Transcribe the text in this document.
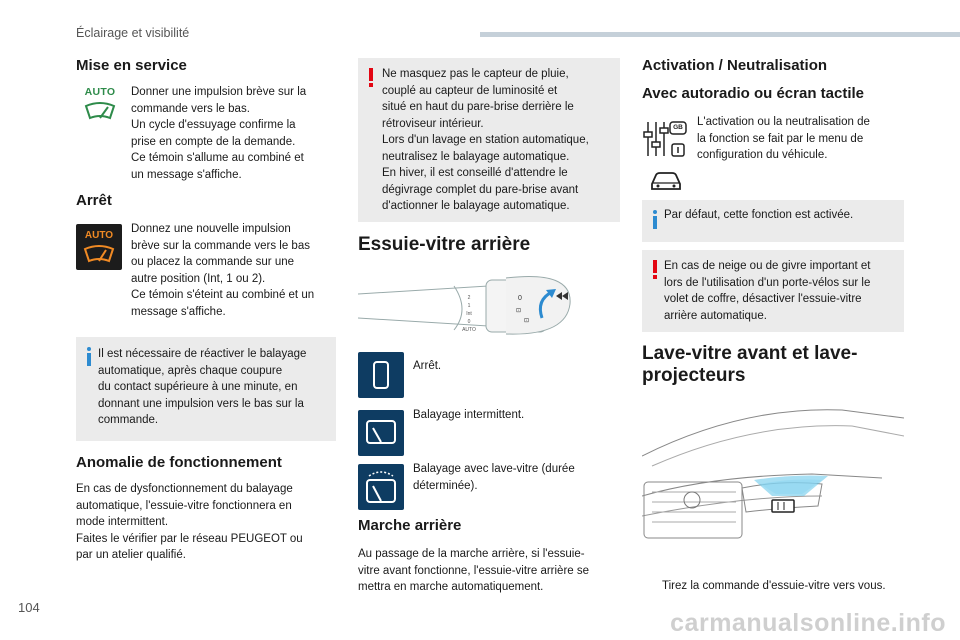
Éclairage et visibilité
Mise en service
AUTO	Donner une impulsion brève sur la
commande vers le bas.
Un cycle d'essuyage confirme la
prise en compte de la demande.
Ce témoin s'allume au combiné et
un message s'affiche.
Arrêt
AUTO
Donnez une nouvelle impulsion
brève sur la commande vers le bas
ou placez la commande sur une
autre position (Int, 1 ou 2).
Ce témoin s'éteint au combiné et un
message s'affiche.
Il est nécessaire de réactiver le balayage
automatique, après chaque coupure
du contact supérieure à une minute, en
donnant une impulsion vers le bas sur la
commande.
Anomalie de fonctionnement
En cas de dysfonctionnement du balayage
automatique, l'essuie-vitre fonctionnera en
mode intermittent.
Faites le vérifier par le réseau PEUGEOT ou
par un atelier qualifié.
Ne masquez pas le capteur de pluie,
couplé au capteur de luminosité et
situé en haut du pare-brise derrière le
rétroviseur intérieur.
Lors d'un lavage en station automatique,
neutralisez le balayage automatique.
En hiver, il est conseillé d'attendre le
dégivrage complet du pare-brise avant
d'actionner le balayage automatique.
Essuie-vitre arrière
0
⊡
⊡
2
1
Int
0
AUTO
Arrêt.
Balayage intermittent.
Balayage avec lave-vitre (durée
déterminée).
Marche arrière
Au passage de la marche arrière, si l'essuie-
vitre avant fonctionne, l'essuie-vitre arrière se
mettra en marche automatiquement.
Activation / Neutralisation
Avec autoradio ou écran tactile
GB L'activation ou la neutralisation de
la fonction se fait par le menu de
configuration du véhicule.
Par défaut, cette fonction est activée.
En cas de neige ou de givre important et
lors de l'utilisation d'un porte-vélos sur le
volet de coffre, désactiver l'essuie-vitre
arrière automatique.
Lave-vitre avant et lave-
projecteurs
Tirez la commande d'essuie-vitre vers vous.
104
carmanualsonline.info
